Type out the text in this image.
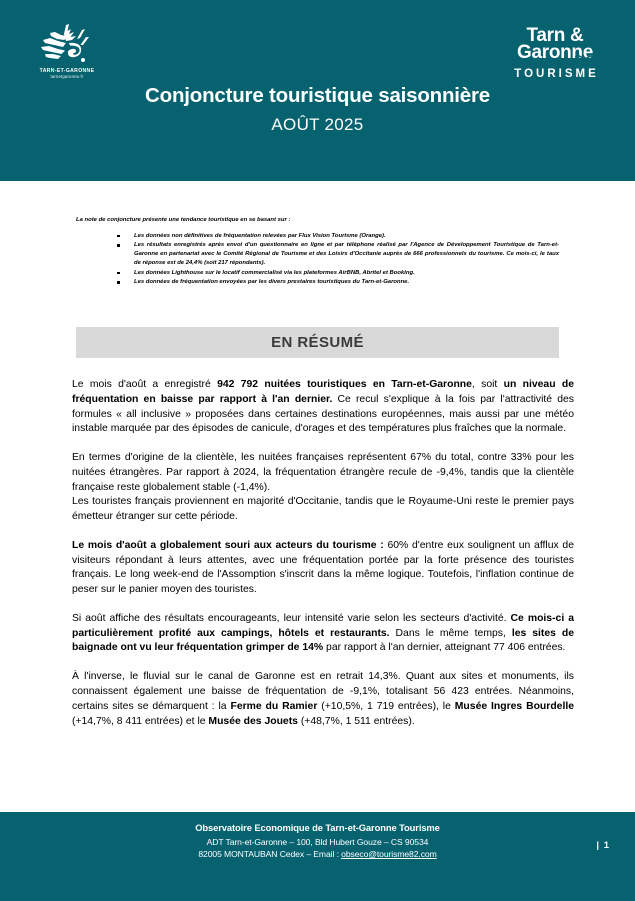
TARN-ET-GARONNE
tarnetgaronne.fr
Tarn &
Garonne
TOURISME
Conjoncture touristique saisonnière
AOÛT 2025
La note de conjoncture présente une tendance touristique en se basant sur :
Les données non définitives de fréquentation relevées par Flux Vision Tourisme (Orange).
Les résultats enregistrés après envoi d'un questionnaire en ligne et par téléphone réalisé par l'Agence de Développement Touristique de Tarn-et-Garonne en partenariat avec le Comité Régional de Tourisme et des Loisirs d'Occitanie auprès de 666 professionnels du tourisme. Ce mois-ci, le taux de réponse est de 24,4% (soit 217 répondants).
Les données Lighthouse sur le locatif commercialisé via les plateformes AirBNB, Abritel et Booking.
Les données de fréquentation envoyées par les divers prestaires touristiques du Tarn-et-Garonne.
EN RÉSUMÉ

Le mois d'août a enregistré 942 792 nuitées touristiques en Tarn-et-Garonne, soit un niveau de fréquentation en baisse par rapport à l'an dernier. Ce recul s'explique à la fois par l'attractivité des formules « all inclusive » proposées dans certaines destinations européennes, mais aussi par une météo instable marquée par des épisodes de canicule, d'orages et des températures plus fraîches que la normale.

En termes d'origine de la clientèle, les nuitées françaises représentent 67% du total, contre 33% pour les nuitées étrangères. Par rapport à 2024, la fréquentation étrangère recule de -9,4%, tandis que la clientèle française reste globalement stable (-1,4%).

Les touristes français proviennent en majorité d'Occitanie, tandis que le Royaume-Uni reste le premier pays émetteur étranger sur cette période.

Le mois d'août a globalement souri aux acteurs du tourisme : 60% d'entre eux soulignent un afflux de visiteurs répondant à leurs attentes, avec une fréquentation portée par la forte présence des touristes français. Le long week-end de l'Assomption s'inscrit dans la même logique. Toutefois, l'inflation continue de peser sur le panier moyen des touristes.

Si août affiche des résultats encourageants, leur intensité varie selon les secteurs d'activité. Ce mois-ci a particulièrement profité aux campings, hôtels et restaurants. Dans le même temps, les sites de baignade ont vu leur fréquentation grimper de 14% par rapport à l'an dernier, atteignant 77 406 entrées.

À l'inverse, le fluvial sur le canal de Garonne est en retrait 14,3%. Quant aux sites et monuments, ils connaissent également une baisse de fréquentation de -9,1%, totalisant 56 423 entrées. Néanmoins, certains sites se démarquent : la Ferme du Ramier (+10,5%, 1 719 entrées), le Musée Ingres Bourdelle (+14,7%, 8 411 entrées) et le Musée des Jouets (+48,7%, 1 511 entrées).

Observatoire Economique de Tarn-et-Garonne Tourisme
ADT Tarn-et-Garonne – 100, Bld Hubert Gouze – CS 90534
82005 MONTAUBAN Cedex – Email : obseco@tourisme82.com
| 1
